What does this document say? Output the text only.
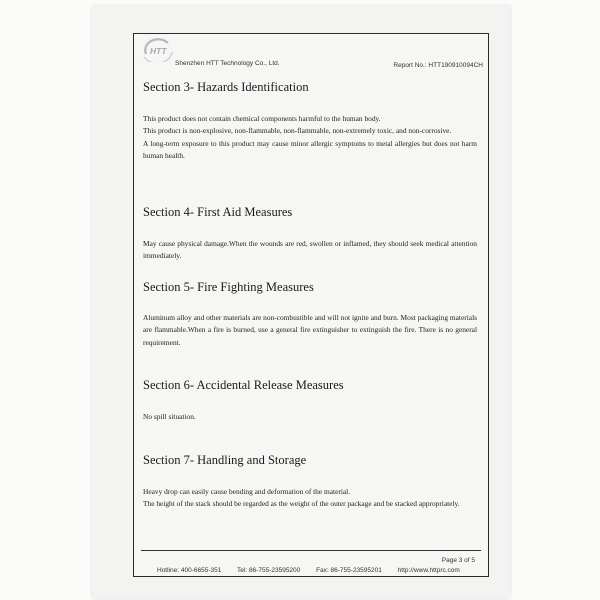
HTT
Shenzhen HTT Technology Co., Ltd.	Report No.: HTT190910094CH
Section 3- Hazards Identification

This product does not contain chemical components harmful to the human body.

This product is non-explosive, non-flammable, non-flammable, non-extremely toxic, and non-corrosive.

A long-term exposure to this product may cause minor allergic symptoms to metal allergies but does not harm human health.

Section 4- First Aid Measures

May cause physical damage.When the wounds are red, swollen or inflamed, they should seek medical attention immediately.

Section 5- Fire Fighting Measures

Aluminum alloy and other materials are non-combustible and will not ignite and burn. Most packaging materials are flammable.When a fire is burned, use a general fire extinguisher to extinguish the fire. There is no general requirement.

Section 6- Accidental Release Measures

No spill situation.

Section 7- Handling and Storage

Heavy drop can easily cause bending and deformation of the material.

The height of the stack should be regarded as the weight of the outer package and be stacked appropriately.

Page 3 of 5
Hotline: 400-6655-351 Tel: 86-755-23595200 Fax: 86-755-23595201 http://www.httprc.com
